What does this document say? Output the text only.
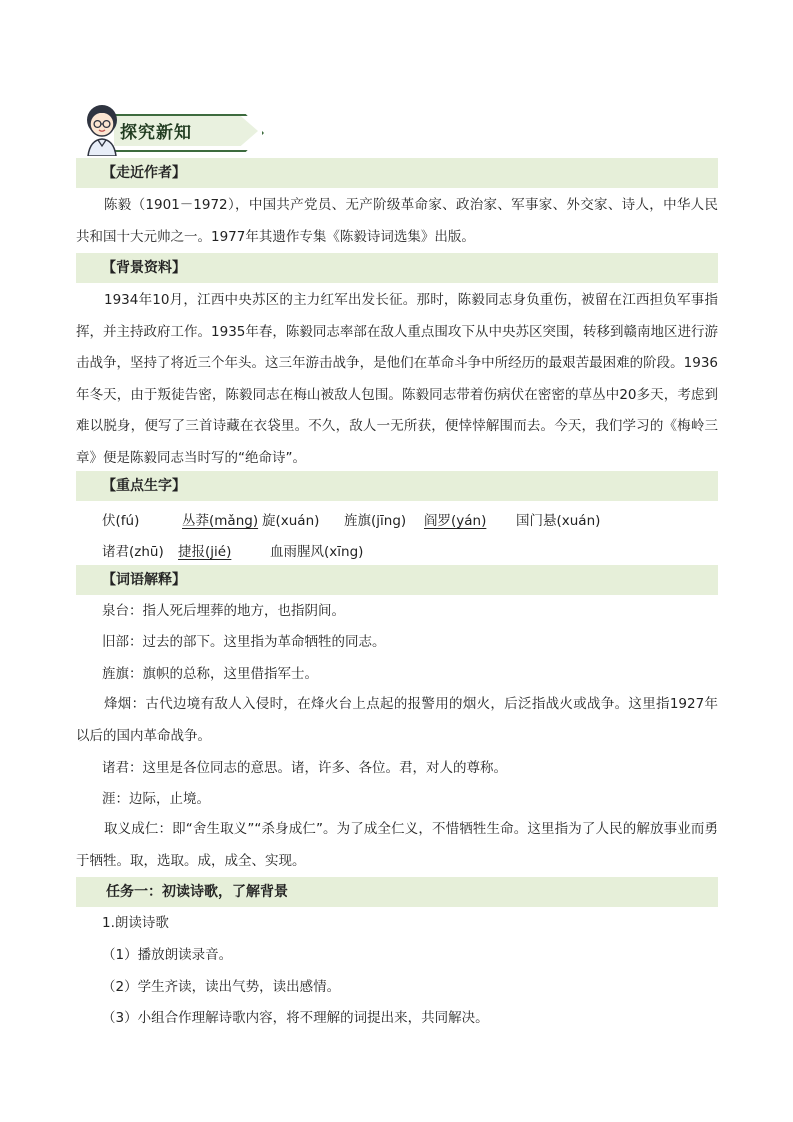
探究新知
【走近作者】
陈毅（1901－1972），中国共产党员、无产阶级革命家、政治家、军事家、外交家、诗人，中华人民共和国十大元帅之一。1977年其遗作专集《陈毅诗词选集》出版。
【背景资料】
1934年10月，江西中央苏区的主力红军出发长征。那时，陈毅同志身负重伤，被留在江西担负军事指挥，并主持政府工作。1935年春，陈毅同志率部在敌人重点围攻下从中央苏区突围，转移到赣南地区进行游击战争，坚持了将近三个年头。这三年游击战争，是他们在革命斗争中所经历的最艰苦最困难的阶段。1936年冬天，由于叛徒告密，陈毅同志在梅山被敌人包围。陈毅同志带着伤病伏在密密的草丛中20多天，考虑到难以脱身，便写了三首诗藏在衣袋里。不久，敌人一无所获，便悻悻解围而去。今天，我们学习的《梅岭三章》便是陈毅同志当时写的“绝命诗”。
【重点生字】
伏(fú)	丛莽(mǎng) 旋(xuán) 旌旗(jīng) 阎罗(yán) 国门悬(xuán)
诸君(zhū) 捷报(jié)	血雨腥风(xīng)
【词语解释】
泉台：指人死后埋葬的地方，也指阴间。
旧部：过去的部下。这里指为革命牺牲的同志。
旌旗：旗帜的总称，这里借指军士。
烽烟：古代边境有敌人入侵时，在烽火台上点起的报警用的烟火，后泛指战火或战争。这里指1927年以后的国内革命战争。
诸君：这里是各位同志的意思。诸，许多、各位。君，对人的尊称。
涯：边际，止境。
取义成仁：即“舍生取义”“杀身成仁”。为了成全仁义，不惜牺牲生命。这里指为了人民的解放事业而勇于牺牲。取，选取。成，成全、实现。
任务一：初读诗歌，了解背景
1.朗读诗歌
（1）播放朗读录音。
（2）学生齐读，读出气势，读出感情。
（3）小组合作理解诗歌内容，将不理解的词提出来，共同解决。
